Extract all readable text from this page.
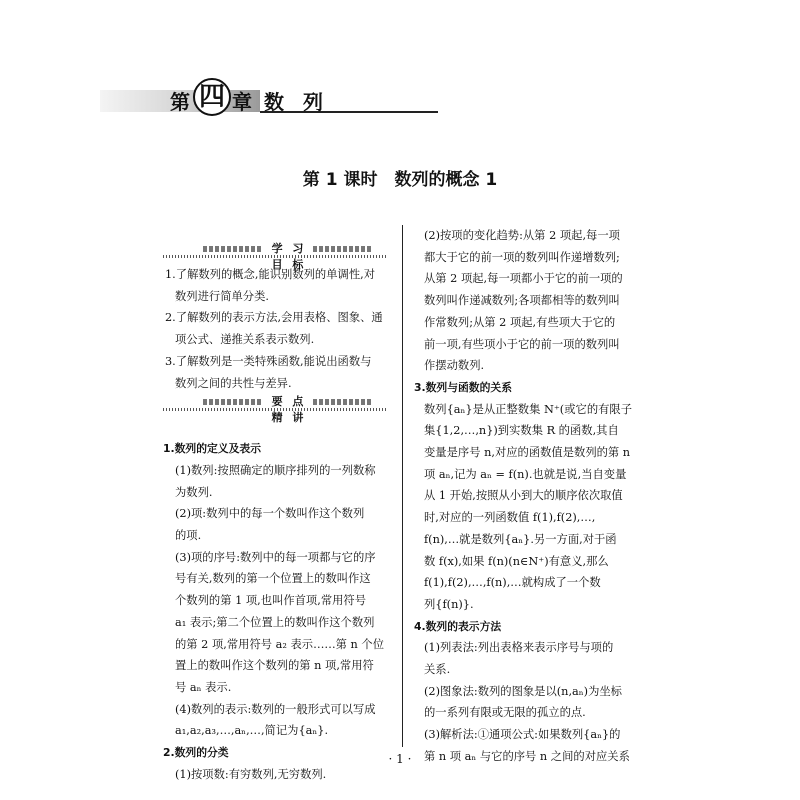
第 四 章 数 列
第 1 课时　数列的概念 1
学 习 目 标
要 点 精 讲

1.了解数列的概念,能识别数列的单调性,对

数列进行简单分类.

2.了解数列的表示方法,会用表格、图象、通

项公式、递推关系表示数列.

3.了解数列是一类特殊函数,能说出函数与

数列之间的共性与差异.

1.数列的定义及表示

(1)数列:按照确定的顺序排列的一列数称

为数列.

(2)项:数列中的每一个数叫作这个数列

的项.

(3)项的序号:数列中的每一项都与它的序

号有关,数列的第一个位置上的数叫作这

个数列的第 1 项,也叫作首项,常用符号

a₁ 表示;第二个位置上的数叫作这个数列

的第 2 项,常用符号 a₂ 表示……第 n 个位

置上的数叫作这个数列的第 n 项,常用符

号 aₙ 表示.

(4)数列的表示:数列的一般形式可以写成

a₁,a₂,a₃,…,aₙ,…,简记为{aₙ}.

2.数列的分类

(1)按项数:有穷数列,无穷数列.

(2)按项的变化趋势:从第 2 项起,每一项

都大于它的前一项的数列叫作递增数列;

从第 2 项起,每一项都小于它的前一项的

数列叫作递减数列;各项都相等的数列叫

作常数列;从第 2 项起,有些项大于它的

前一项,有些项小于它的前一项的数列叫

作摆动数列.

3.数列与函数的关系

数列{aₙ}是从正整数集 N⁺(或它的有限子

集{1,2,…,n})到实数集 R 的函数,其自

变量是序号 n,对应的函数值是数列的第 n

项 aₙ,记为 aₙ = f(n).也就是说,当自变量

从 1 开始,按照从小到大的顺序依次取值

时,对应的一列函数值 f(1),f(2),…,

f(n),…就是数列{aₙ}.另一方面,对于函

数 f(x),如果 f(n)(n∈N⁺)有意义,那么

f(1),f(2),…,f(n),…就构成了一个数

列{f(n)}.

4.数列的表示方法

(1)列表法:列出表格来表示序号与项的

关系.

(2)图象法:数列的图象是以(n,aₙ)为坐标

的一系列有限或无限的孤立的点.

(3)解析法:①通项公式:如果数列{aₙ}的

第 n 项 aₙ 与它的序号 n 之间的对应关系

· 1 ·
